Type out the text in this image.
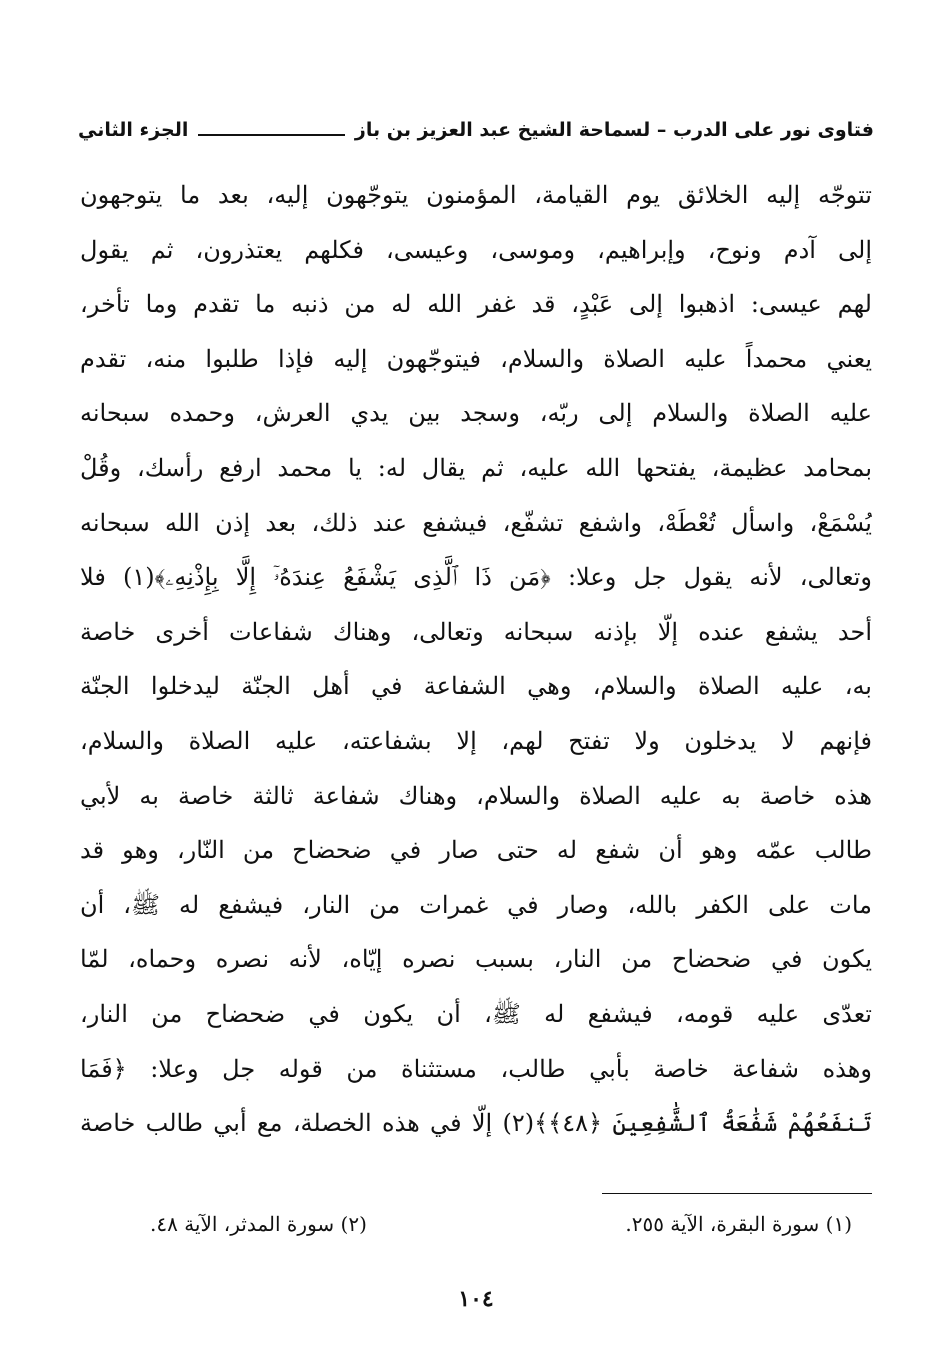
فتاوى نور على الدرب – لسماحة الشيخ عبد العزيز بن باز
الجزء الثاني
تتوجّه إليه الخلائق يوم القيامة، المؤمنون يتوجّهون إليه، بعد ما يتوجهون
إلى آدم ونوح، وإبراهيم، وموسى، وعيسى، فكلهم يعتذرون، ثم يقول
لهم عيسى: اذهبوا إلى عَبْدٍ، قد غفر الله له من ذنبه ما تقدم وما تأخر،
يعني محمداً عليه الصلاة والسلام، فيتوجّهون إليه فإذا طلبوا منه، تقدم
عليه الصلاة والسلام إلى ربّه، وسجد بين يدي العرش، وحمده سبحانه
بمحامد عظيمة، يفتحها الله عليه، ثم يقال له: يا محمد ارفع رأسك، وقُلْ
يُسْمَعْ، واسأل تُعْطَهْ، واشفع تشفّع، فيشفع عند ذلك، بعد إذن الله سبحانه
وتعالى، لأنه يقول جل وعلا: ﴿مَن ذَا ٱلَّذِى يَشْفَعُ عِندَهُۥٓ إِلَّا بِإِذْنِهِۦ﴾(١) فلا
أحد يشفع عنده إلّا بإذنه سبحانه وتعالى، وهناك شفاعات أخرى خاصة
به، عليه الصلاة والسلام، وهي الشفاعة في أهل الجنّة ليدخلوا الجنّة
فإنهم لا يدخلون ولا تفتح لهم، إلا بشفاعته، عليه الصلاة والسلام،
هذه خاصة به عليه الصلاة والسلام، وهناك شفاعة ثالثة خاصة به لأبي
طالب عمّه وهو أن شفع له حتى صار في ضحضاح من النّار، وهو قد
مات على الكفر بالله، وصار في غمرات من النار، فيشفع له ﷺ، أن
يكون في ضحضاح من النار، بسبب نصره إيّاه، لأنه نصره وحماه، لمّا
تعدّى عليه قومه، فيشفع له ﷺ، أن يكون في ضحضاح من النار،
وهذه شفاعة خاصة بأبي طالب، مستثناة من قوله جل وعلا: ﴿فَمَا
تَنفَعُهُمْ شَفَٰعَةُ ٱلشَّٰفِعِينَ ﴿٤٨﴾﴾(٢) إلّا في هذه الخصلة، مع أبي طالب خاصة
(١) سورة البقرة، الآية ٢٥٥.
(٢) سورة المدثر، الآية ٤٨.
١٠٤
